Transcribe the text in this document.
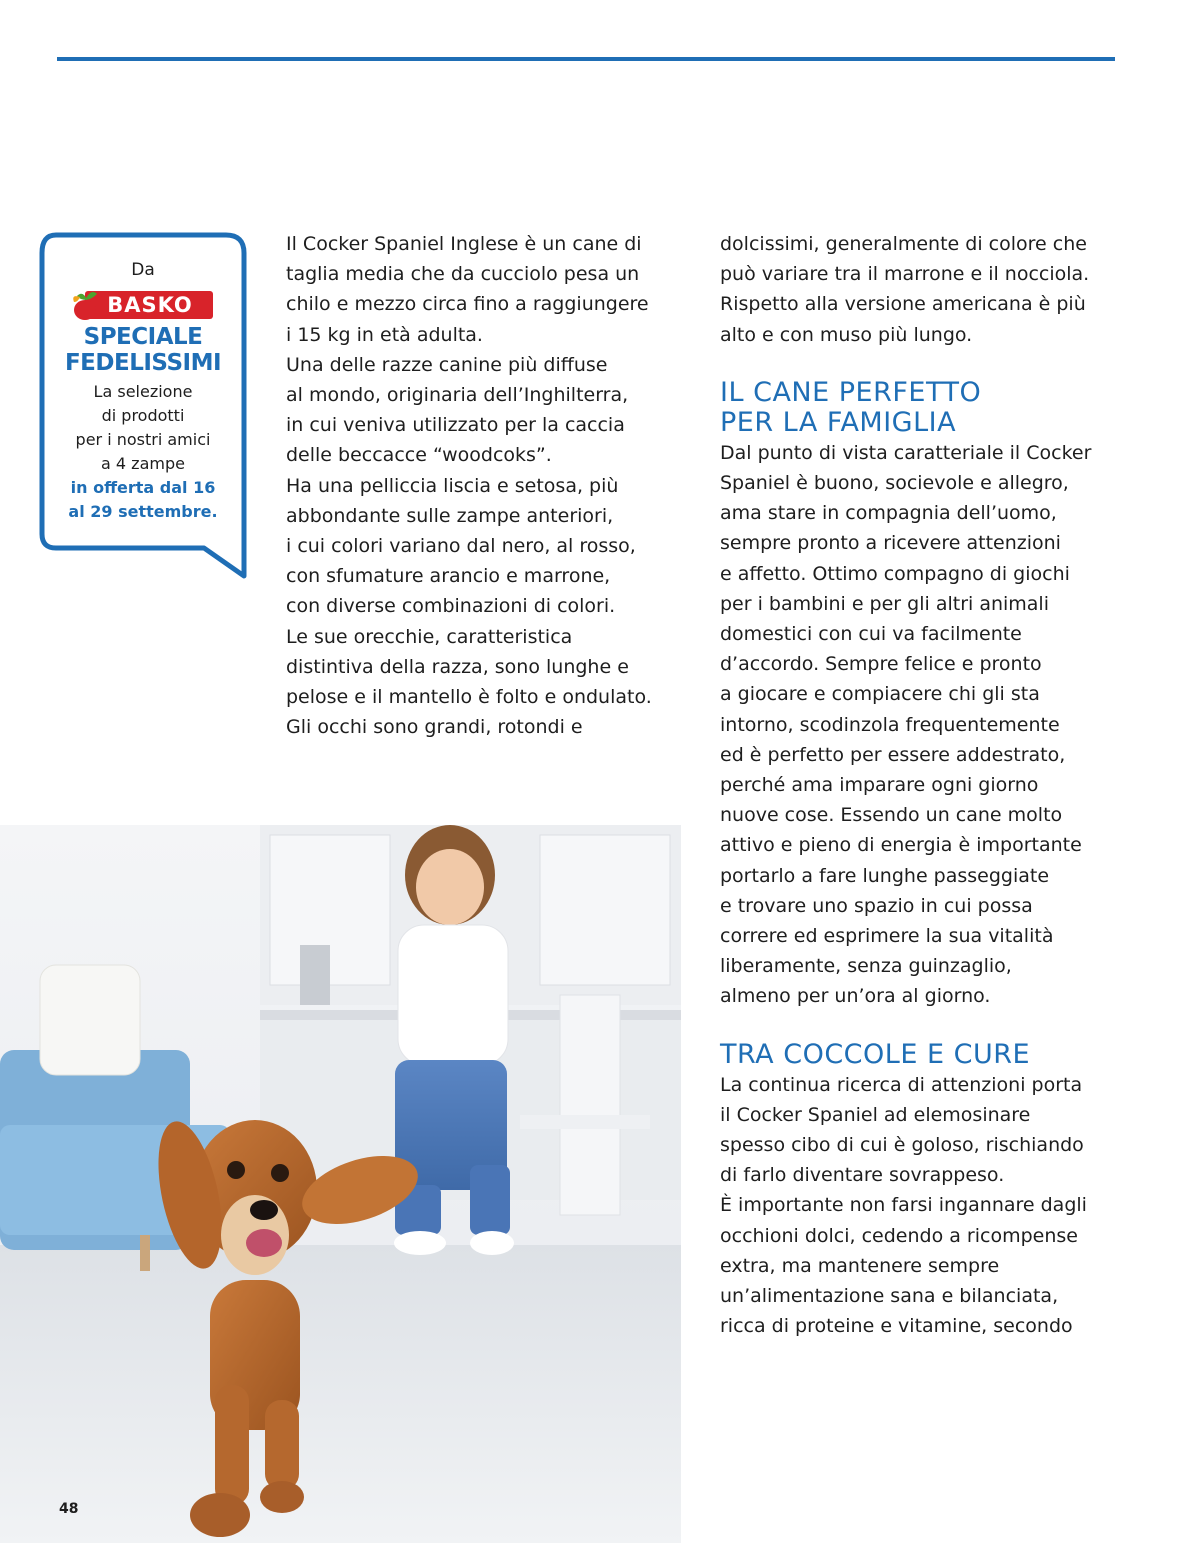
Da
BASKO
SPECIALE
FEDELISSIMI
La selezione
di prodotti
per i nostri amici
a 4 zampe
in offerta dal 16
al 29 settembre.

Il Cocker Spaniel Inglese è un cane di

taglia media che da cucciolo pesa un

chilo e mezzo circa fino a raggiungere

i 15 kg in età adulta.

Una delle razze canine più diffuse

al mondo, originaria dell’Inghilterra,

in cui veniva utilizzato per la caccia

delle beccacce “woodcoks”.

Ha una pelliccia liscia e setosa, più

abbondante sulle zampe anteriori,

i cui colori variano dal nero, al rosso,

con sfumature arancio e marrone,

con diverse combinazioni di colori.

Le sue orecchie, caratteristica

distintiva della razza, sono lunghe e

pelose e il mantello è folto e ondulato.

Gli occhi sono grandi, rotondi e

dolcissimi, generalmente di colore che

può variare tra il marrone e il nocciola.

Rispetto alla versione americana è più

alto e con muso più lungo.

IL CANE PERFETTO
PER LA FAMIGLIA

Dal punto di vista caratteriale il Cocker

Spaniel è buono, socievole e allegro,

ama stare in compagnia dell’uomo,

sempre pronto a ricevere attenzioni

e affetto. Ottimo compagno di giochi

per i bambini e per gli altri animali

domestici con cui va facilmente

d’accordo. Sempre felice e pronto

a giocare e compiacere chi gli sta

intorno, scodinzola frequentemente

ed è perfetto per essere addestrato,

perché ama imparare ogni giorno

nuove cose. Essendo un cane molto

attivo e pieno di energia è importante

portarlo a fare lunghe passeggiate

e trovare uno spazio in cui possa

correre ed esprimere la sua vitalità

liberamente, senza guinzaglio,

almeno per un’ora al giorno.

TRA COCCOLE E CURE

La continua ricerca di attenzioni porta

il Cocker Spaniel ad elemosinare

spesso cibo di cui è goloso, rischiando

di farlo diventare sovrappeso.

È importante non farsi ingannare dagli

occhioni dolci, cedendo a ricompense

extra, ma mantenere sempre

un’alimentazione sana e bilanciata,

ricca di proteine e vitamine, secondo

48
